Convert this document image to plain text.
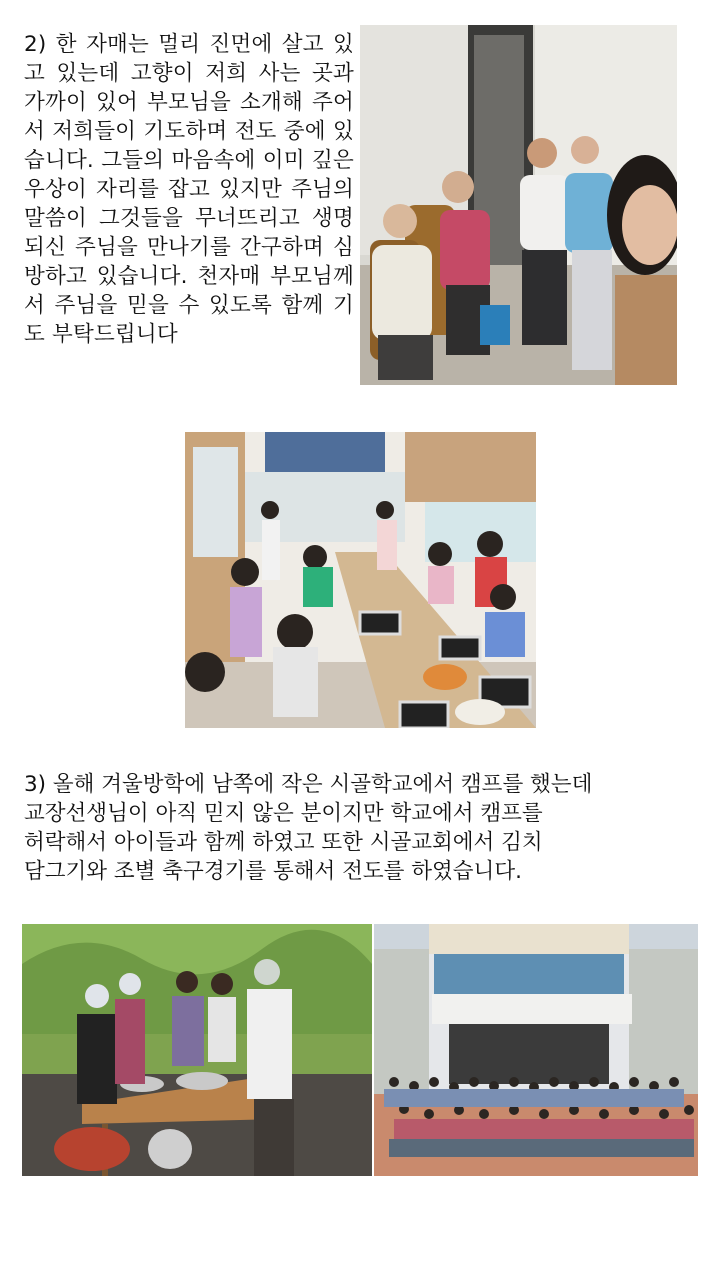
2) 한 자매는 멀리 진먼에 살고 있고 있는데 고향이 저희 사는 곳과 가까이 있어 부모님을 소개해 주어서 저희들이 기도하며 전도 중에 있습니다. 그들의 마음속에 이미 깊은 우상이 자리를 잡고 있지만 주님의 말씀이 그것들을 무너뜨리고 생명되신 주님을 만나기를 간구하며 심방하고 있습니다. 천자매 부모님께서 주님을 믿을 수 있도록 함께 기도 부탁드립니다
3) 올해 겨울방학에 남쪽에 작은 시골학교에서 캠프를 했는데
교장선생님이 아직 믿지 않은 분이지만 학교에서 캠프를
허락해서 아이들과 함께 하였고 또한 시골교회에서 김치
담그기와 조별 축구경기를 통해서 전도를 하였습니다.
